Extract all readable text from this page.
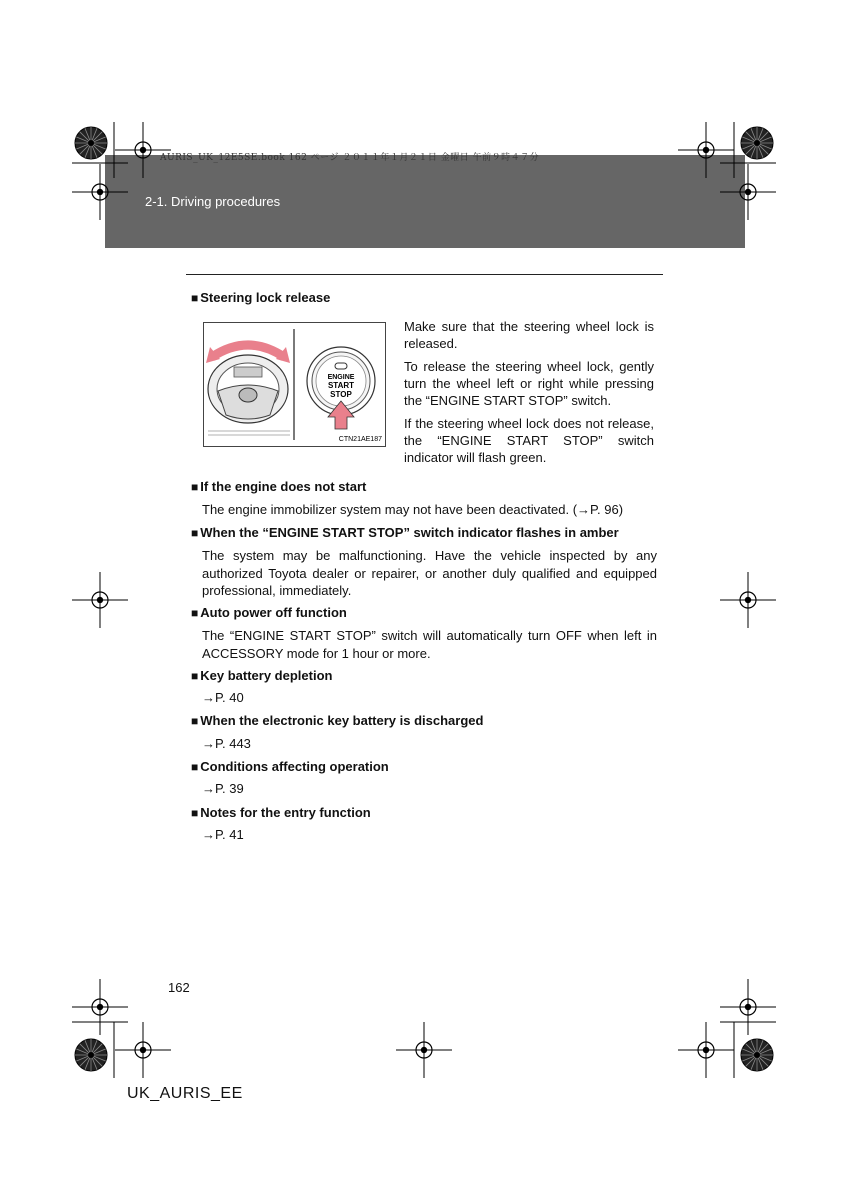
AURIS_UK_12E5SE.book 162 ページ ２０１１年１月２１日 金曜日 午前９時４７分
2-1. Driving procedures
■ Steering lock release
ENGINE
START
STOP
CTN21AE187

Make sure that the steering wheel lock is released.

To release the steering wheel lock, gently turn the wheel left or right while pressing the “ENGINE START STOP” switch.

If the steering wheel lock does not release, the “ENGINE START STOP” switch indicator will flash green.

■ If the engine does not start
The engine immobilizer system may not have been deactivated. (→P. 96)
■ When the “ENGINE START STOP” switch indicator flashes in amber
The system may be malfunctioning. Have the vehicle inspected by any authorized Toyota dealer or repairer, or another duly qualified and equipped professional, immediately.
■ Auto power off function
The “ENGINE START STOP” switch will automatically turn OFF when left in ACCESSORY mode for 1 hour or more.
■ Key battery depletion
→P. 40
■ When the electronic key battery is discharged
→P. 443
■ Conditions affecting operation
→P. 39
■ Notes for the entry function
→P. 41
162
UK_AURIS_EE
